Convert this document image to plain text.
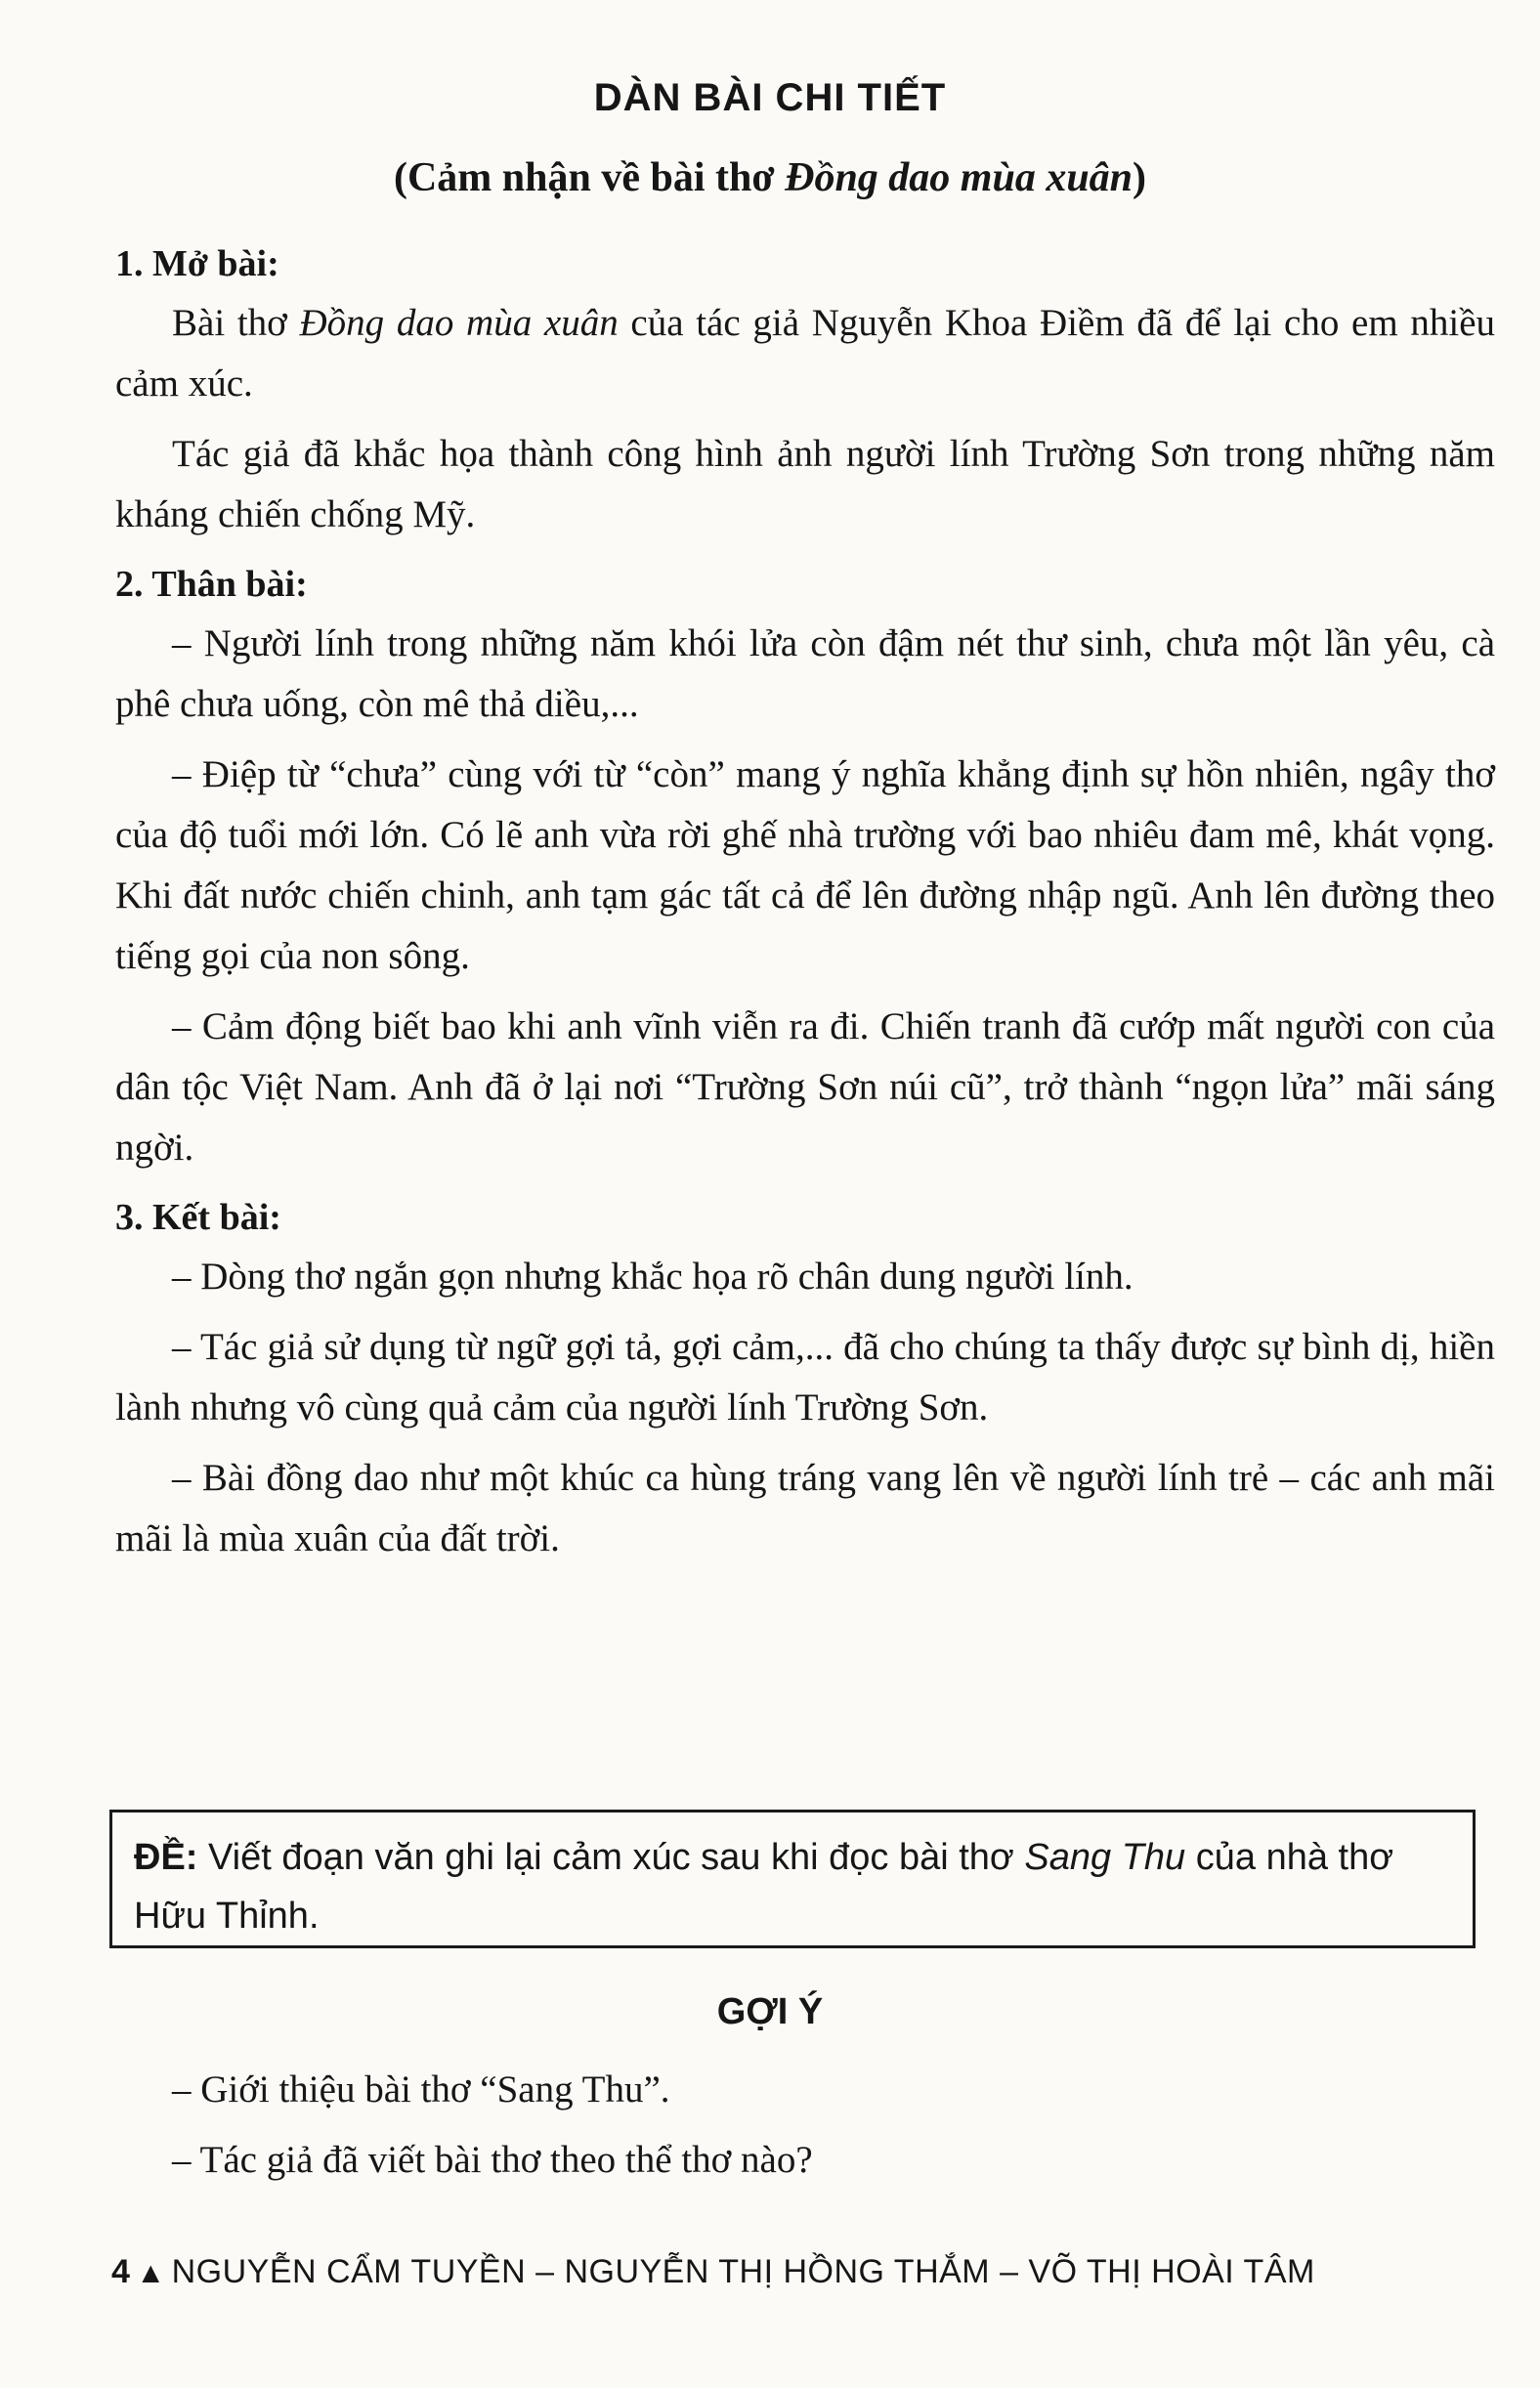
DÀN BÀI CHI TIẾT
(Cảm nhận về bài thơ Đồng dao mùa xuân)

1. Mở bài:

Bài thơ Đồng dao mùa xuân của tác giả Nguyễn Khoa Điềm đã để lại cho em nhiều cảm xúc.

Tác giả đã khắc họa thành công hình ảnh người lính Trường Sơn trong những năm kháng chiến chống Mỹ.

2. Thân bài:

– Người lính trong những năm khói lửa còn đậm nét thư sinh, chưa một lần yêu, cà phê chưa uống, còn mê thả diều,...

– Điệp từ “chưa” cùng với từ “còn” mang ý nghĩa khẳng định sự hồn nhiên, ngây thơ của độ tuổi mới lớn. Có lẽ anh vừa rời ghế nhà trường với bao nhiêu đam mê, khát vọng. Khi đất nước chiến chinh, anh tạm gác tất cả để lên đường nhập ngũ. Anh lên đường theo tiếng gọi của non sông.

– Cảm động biết bao khi anh vĩnh viễn ra đi. Chiến tranh đã cướp mất người con của dân tộc Việt Nam. Anh đã ở lại nơi “Trường Sơn núi cũ”, trở thành “ngọn lửa” mãi sáng ngời.

3. Kết bài:

– Dòng thơ ngắn gọn nhưng khắc họa rõ chân dung người lính.

– Tác giả sử dụng từ ngữ gợi tả, gợi cảm,... đã cho chúng ta thấy được sự bình dị, hiền lành nhưng vô cùng quả cảm của người lính Trường Sơn.

– Bài đồng dao như một khúc ca hùng tráng vang lên về người lính trẻ – các anh mãi mãi là mùa xuân của đất trời.

ĐỀ: Viết đoạn văn ghi lại cảm xúc sau khi đọc bài thơ Sang Thu của nhà thơ Hữu Thỉnh.
GỢI Ý

– Giới thiệu bài thơ “Sang Thu”.

– Tác giả đã viết bài thơ theo thể thơ nào?

4 ▲ NGUYỄN CẨM TUYỀN – NGUYỄN THỊ HỒNG THẮM – VÕ THỊ HOÀI TÂM
